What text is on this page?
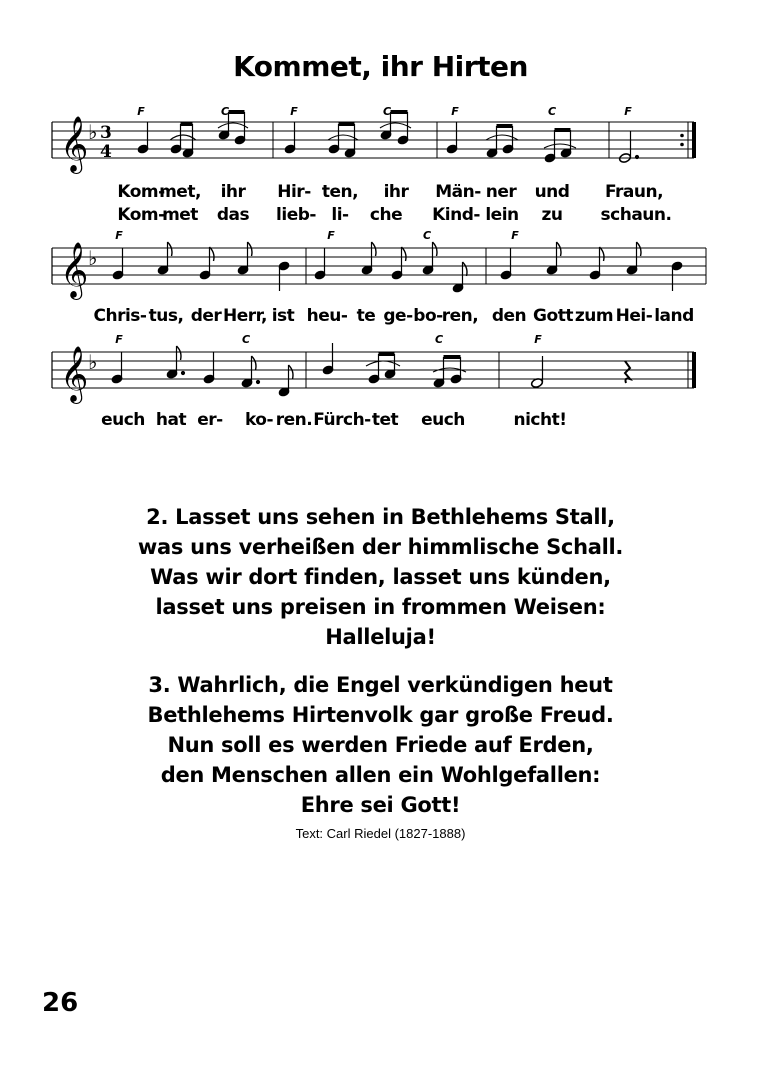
Kommet, ihr Hirten
𝄞 ♭ 3
4
𝄞 ♭
𝄞 ♭
F	C	F	C	F	C	F
F	F	C	F
F	C	C	F
Kom-
met, ihr Hir- ten, ihr Män- ner und Fraun,
Kom-
met das lieb- li- che Kind- lein zu schaun.
Chris- tus, der Herr, ist heu- te ge- bo- ren, den Gott zum Hei- land
euch hat er- ko- ren. Fürch- tet euch	nicht!
2. Lasset uns sehen in Bethlehems Stall,
was uns verheißen der himmlische Schall.
Was wir dort finden, lasset uns künden,
lasset uns preisen in frommen Weisen:
Halleluja!
3. Wahrlich, die Engel verkündigen heut
Bethlehems Hirtenvolk gar große Freud.
Nun soll es werden Friede auf Erden,
den Menschen allen ein Wohlgefallen:
Ehre sei Gott!
Text: Carl Riedel (1827-1888)
26
